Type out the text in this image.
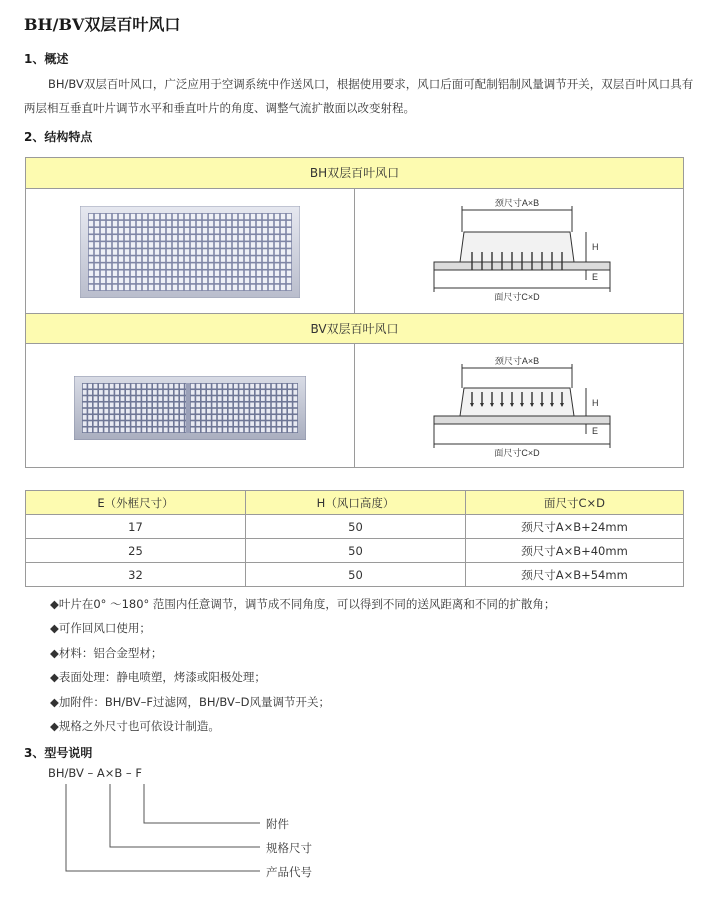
BH/BV双层百叶风口
1、概述
BH/BV双层百叶风口，广泛应用于空调系统中作送风口，根据使用要求，风口后面可配制铝制风量调节开关，双层百叶风口具有两层相互垂直叶片调节水平和垂直叶片的角度、调整气流扩散面以改变射程。
2、结构特点
BH双层百叶风口
BV双层百叶风口
颈尺寸A×B
面尺寸C×D
H
E
颈尺寸A×B
面尺寸C×D
H
E
E（外框尺寸）	H（风口高度）	面尺寸C×D
17	50	颈尺寸A×B+24mm
25	50	颈尺寸A×B+40mm
32	50	颈尺寸A×B+54mm
◆叶片在0° ～180° 范围内任意调节，调节成不同角度，可以得到不同的送风距离和不同的扩散角；
◆可作回风口使用；
◆材料：铝合金型材；
◆表面处理：静电喷塑，烤漆或阳极处理；
◆加附件：BH/BV–F过滤网，BH/BV–D风量调节开关；
◆规格之外尺寸也可依设计制造。
3、型号说明
BH/BV – A×B – F
附件
规格尺寸
产品代号
